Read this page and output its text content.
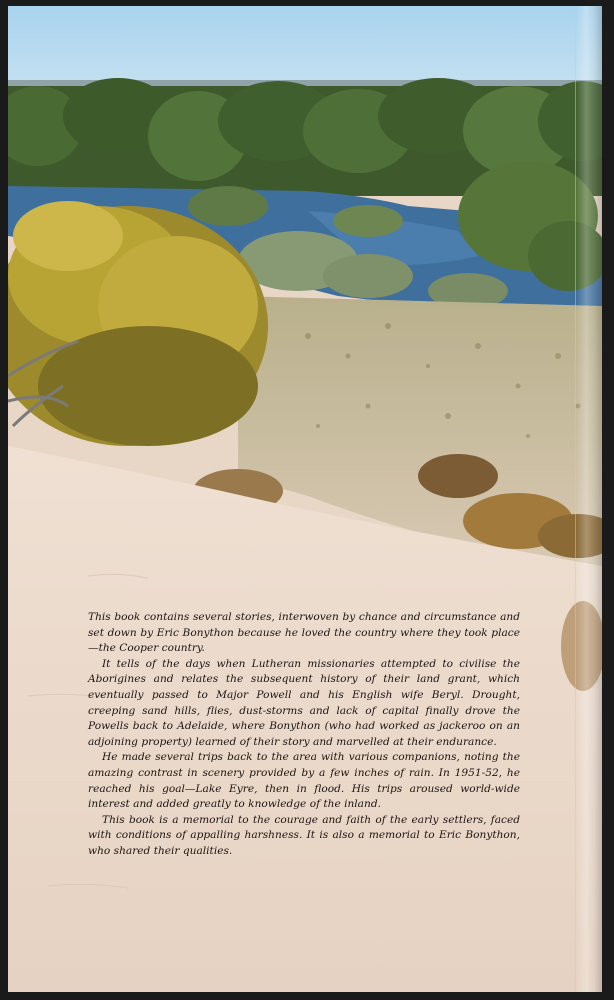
This book contains several stories, interwoven by chance and circumstance and set down by Eric Bonython because he loved the country where they took place—the Cooper country.

It tells of the days when Lutheran missionaries attempted to civilise the Aborigines and relates the subsequent history of their land grant, which eventually passed to Major Powell and his English wife Beryl. Drought, creeping sand hills, flies, dust-storms and lack of capital finally drove the Powells back to Adelaide, where Bonython (who had worked as jackeroo on an adjoining property) learned of their story and marvelled at their endurance.

He made several trips back to the area with various companions, noting the amazing contrast in scenery provided by a few inches of rain. In 1951-52, he reached his goal—Lake Eyre, then in flood. His trips aroused world-wide interest and added greatly to knowledge of the inland.

This book is a memorial to the courage and faith of the early settlers, faced with conditions of appalling harshness. It is also a memorial to Eric Bonython, who shared their qualities.
